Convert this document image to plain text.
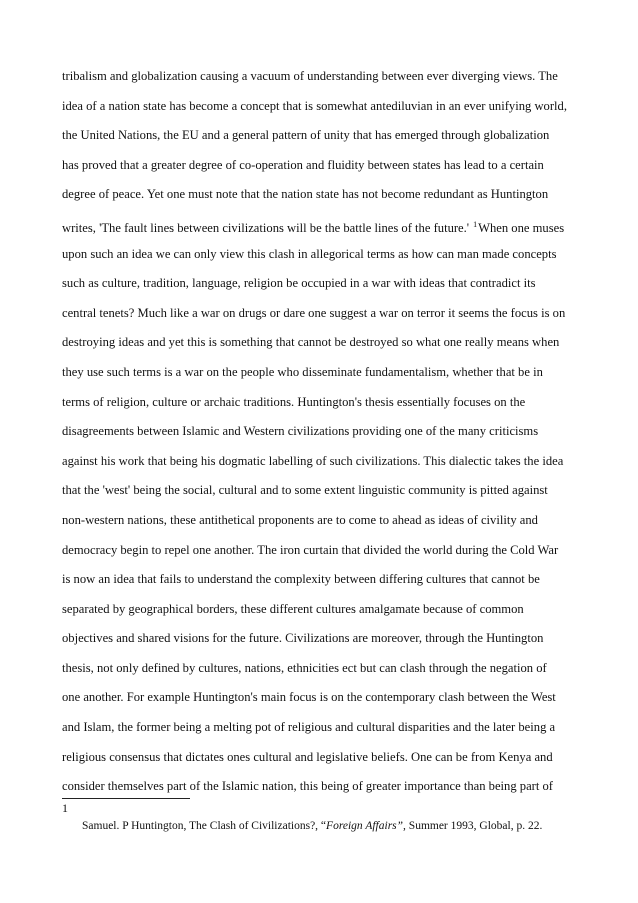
tribalism and globalization causing a vacuum of understanding between ever diverging views. The
idea of a nation state has become a concept that is somewhat antediluvian in an ever unifying world,
the United Nations, the EU and a general pattern of unity that has emerged through globalization
has proved that a greater degree of co-operation and fluidity between states has lead to a certain
degree of peace. Yet one must note that the nation state has not become redundant as Huntington
writes, 'The fault lines between civilizations will be the battle lines of the future.' $^1$When one muses
upon such an idea we can only view this clash in allegorical terms as how can man made concepts
such as culture, tradition, language, religion be occupied in a war with ideas that contradict its
central tenets? Much like a war on drugs or dare one suggest a war on terror it seems the focus is on
destroying ideas and yet this is something that cannot be destroyed so what one really means when
they use such terms is a war on the people who disseminate fundamentalism, whether that be in
terms of religion, culture or archaic traditions. Huntington's thesis essentially focuses on the
disagreements between Islamic and Western civilizations providing one of the many criticisms
against his work that being his dogmatic labelling of such civilizations. This dialectic takes the idea
that the 'west' being the social, cultural and to some extent linguistic community is pitted against
non-western nations, these antithetical proponents are to come to ahead as ideas of civility and
democracy begin to repel one another. The iron curtain that divided the world during the Cold War
is now an idea that fails to understand the complexity between differing cultures that cannot be
separated by geographical borders, these different cultures amalgamate because of common
objectives and shared visions for the future. Civilizations are moreover, through the Huntington
thesis, not only defined by cultures, nations, ethnicities ect but can clash through the negation of
one another. For example Huntington's main focus is on the contemporary clash between the West
and Islam, the former being a melting pot of religious and cultural disparities and the later being a
religious consensus that dictates ones cultural and legislative beliefs. One can be from Kenya and
consider themselves part of the Islamic nation, this being of greater importance than being part of
1
Samuel. P Huntington, The Clash of Civilizations?, “Foreign Affairs”, Summer 1993, Global, p. 22.
